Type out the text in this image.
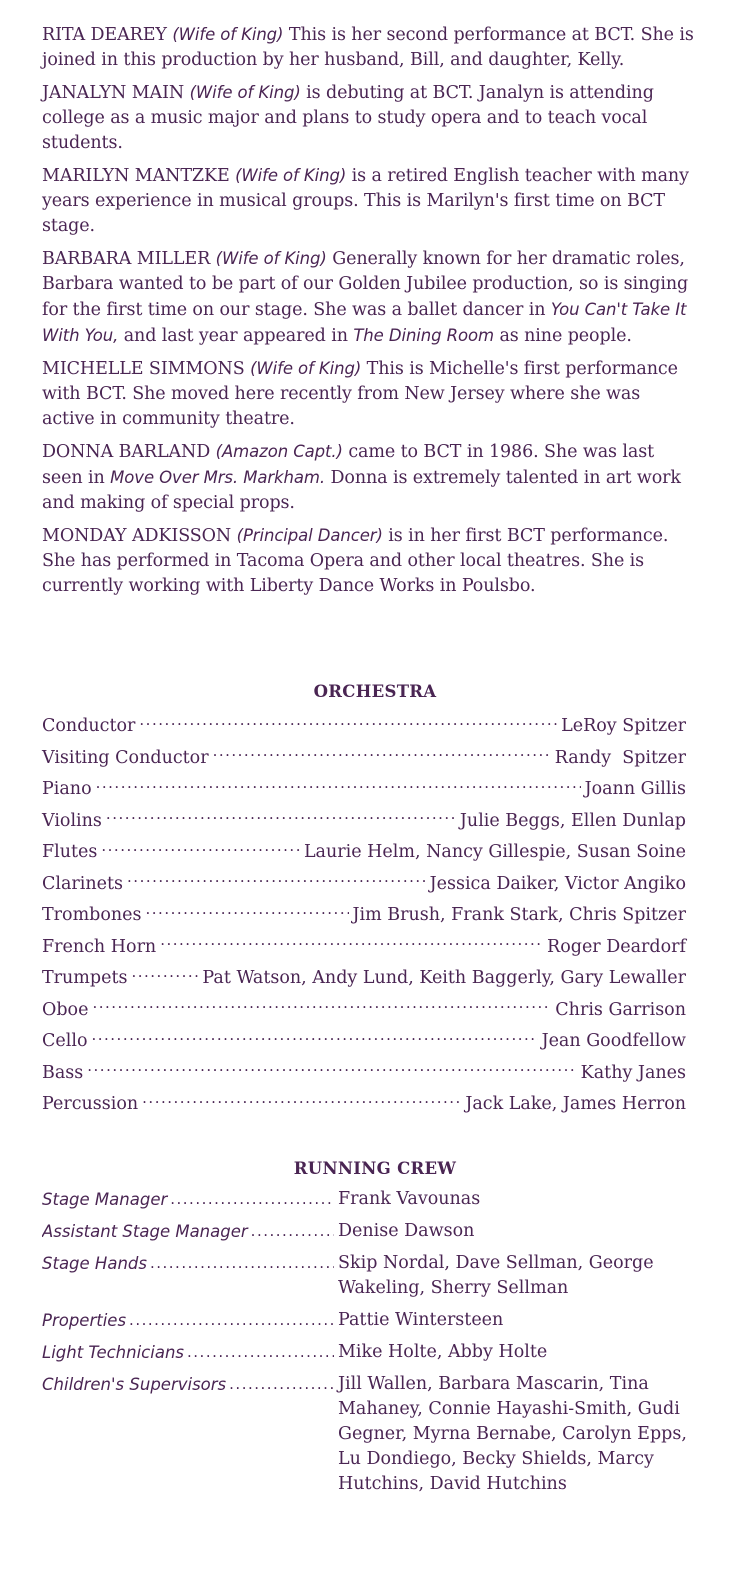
RITA DEAREY (Wife of King) This is her second performance at BCT. She is joined in this production by her husband, Bill, and daughter, Kelly.

JANALYN MAIN (Wife of King) is debuting at BCT. Janalyn is attending college as a music major and plans to study opera and to teach vocal students.

MARILYN MANTZKE (Wife of King) is a retired English teacher with many years experience in musical groups. This is Marilyn's first time on BCT stage.

BARBARA MILLER (Wife of King) Generally known for her dramatic roles, Barbara wanted to be part of our Golden Jubilee production, so is singing for the first time on our stage. She was a ballet dancer in You Can't Take It With You, and last year appeared in The Dining Room as nine people.

MICHELLE SIMMONS (Wife of King) This is Michelle's first performance with BCT. She moved here recently from New Jersey where she was active in community theatre.

DONNA BARLAND (Amazon Capt.) came to BCT in 1986. She was last seen in Move Over Mrs. Markham. Donna is extremely talented in art work and making of special props.

MONDAY ADKISSON (Principal Dancer) is in her first BCT performance. She has performed in Tacoma Opera and other local theatres. She is currently working with Liberty Dance Works in Poulsbo.

ORCHESTRA
Conductor .....	LeRoy Spitzer
Visiting Conductor .....	Randy  Spitzer
Piano .....	Joann Gillis
Violins .....	Julie Beggs, Ellen Dunlap
Flutes .....	Laurie Helm, Nancy Gillespie, Susan Soine
Clarinets .....	Jessica Daiker, Victor Angiko
Trombones .....	Jim Brush, Frank Stark, Chris Spitzer
French Horn .....	Roger Deardorf
Trumpets .....	Pat Watson, Andy Lund, Keith Baggerly, Gary Lewaller
Oboe .....	Chris Garrison
Cello .....	Jean Goodfellow
Bass .....	Kathy Janes
Percussion .....	Jack Lake, James Herron
RUNNING CREW
Stage Manager .....	Frank Vavounas
Assistant Stage Manager .....	Denise Dawson
Stage Hands .....	Skip Nordal, Dave Sellman, George Wakeling, Sherry Sellman
Properties .....	Pattie Wintersteen
Light Technicians .....	Mike Holte, Abby Holte
Children's Supervisors .....	Jill Wallen, Barbara Mascarin, Tina Mahaney, Connie Hayashi-Smith, Gudi Gegner, Myrna Bernabe, Carolyn Epps, Lu Dondiego, Becky Shields, Marcy Hutchins, David Hutchins
